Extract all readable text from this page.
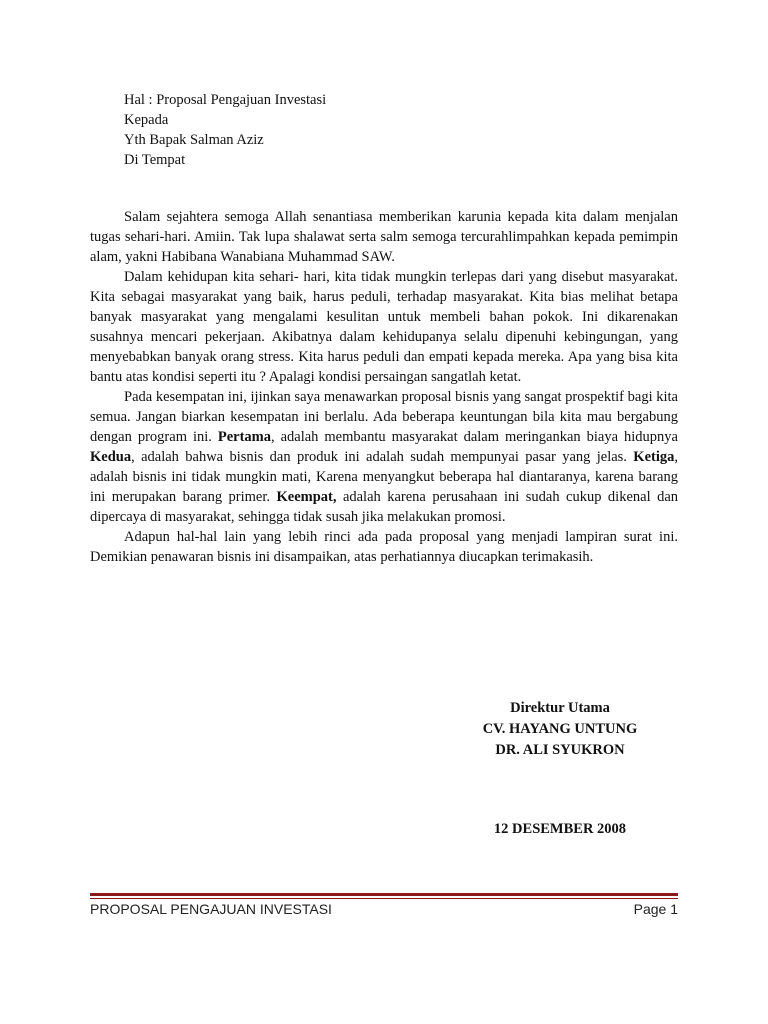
Hal : Proposal Pengajuan Investasi
Kepada
Yth Bapak Salman Aziz
Di Tempat

Salam sejahtera semoga Allah senantiasa memberikan karunia kepada kita dalam menjalan tugas sehari-hari. Amiin. Tak lupa shalawat serta salm semoga tercurahlimpahkan kepada pemimpin alam, yakni Habibana Wanabiana Muhammad SAW.

Dalam kehidupan kita sehari- hari, kita tidak mungkin terlepas dari yang disebut masyarakat. Kita sebagai masyarakat yang baik, harus peduli, terhadap masyarakat. Kita bias melihat betapa banyak masyarakat yang mengalami kesulitan untuk membeli bahan pokok. Ini dikarenakan susahnya mencari pekerjaan. Akibatnya dalam kehidupanya selalu dipenuhi kebingungan, yang menyebabkan banyak orang stress. Kita harus peduli dan empati kepada mereka. Apa yang bisa kita bantu atas kondisi seperti itu ? Apalagi kondisi persaingan sangatlah ketat.

Pada kesempatan ini, ijinkan saya menawarkan proposal bisnis yang sangat prospektif bagi kita semua. Jangan biarkan kesempatan ini berlalu. Ada beberapa keuntungan bila kita mau bergabung dengan program ini. Pertama, adalah membantu masyarakat dalam meringankan biaya hidupnya Kedua, adalah bahwa bisnis dan produk ini adalah sudah mempunyai pasar yang jelas. Ketiga, adalah bisnis ini tidak mungkin mati, Karena menyangkut beberapa hal diantaranya, karena barang ini merupakan barang primer. Keempat, adalah karena perusahaan ini sudah cukup dikenal dan dipercaya di masyarakat, sehingga tidak susah jika melakukan promosi.

Adapun hal-hal lain yang lebih rinci ada pada proposal yang menjadi lampiran surat ini. Demikian penawaran bisnis ini disampaikan, atas perhatiannya diucapkan terimakasih.

Direktur Utama
CV. HAYANG UNTUNG
DR. ALI SYUKRON
12 DESEMBER 2008
PROPOSAL PENGAJUAN INVESTASI	Page 1
